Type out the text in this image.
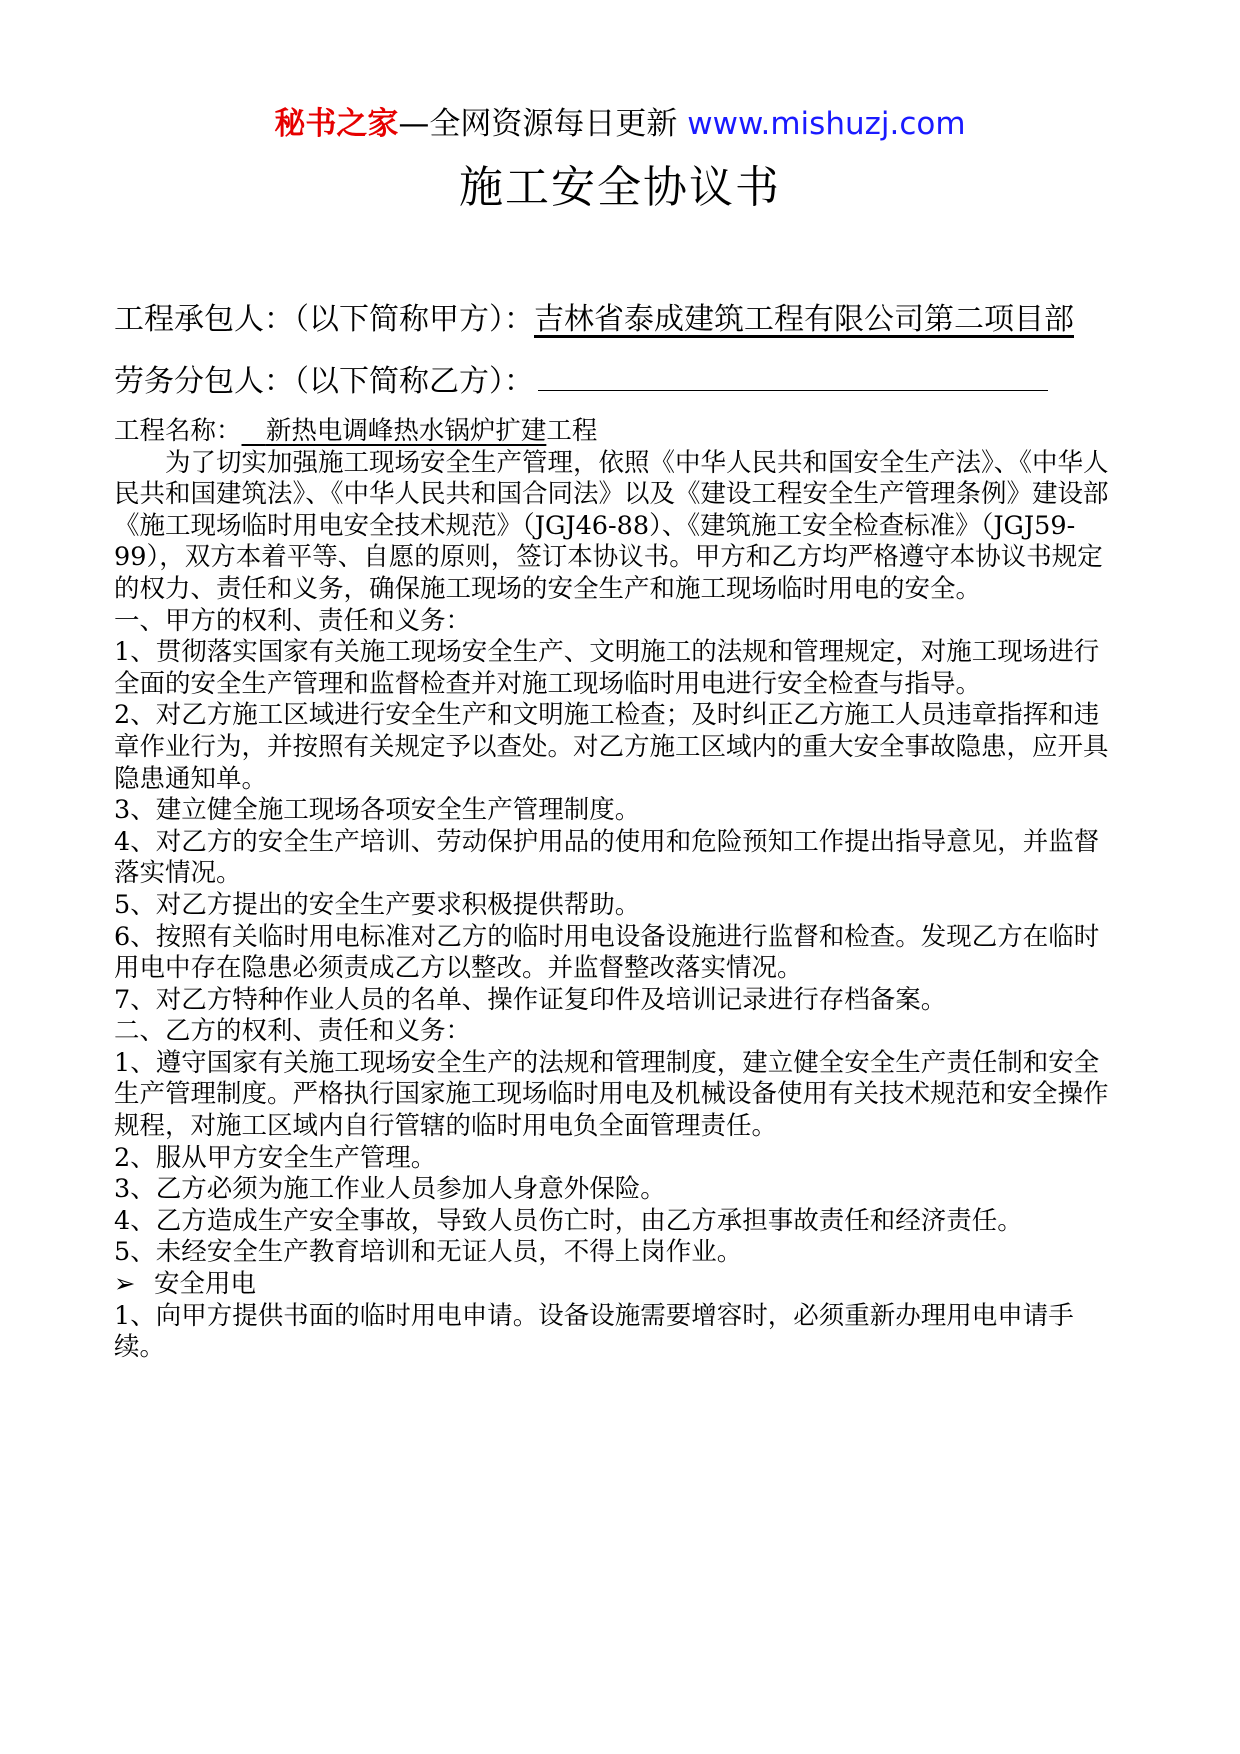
秘书之家—全网资源每日更新 www.mishuzj.com
施工安全协议书

工程承包人：（以下简称甲方）：吉林省泰成建筑工程有限公司第二项目部

劳务分包人：（以下简称乙方）：

工程名称： 新热电调峰热水锅炉扩建工程

为了切实加强施工现场安全生产管理，依照《中华人民共和国安全生产法》、《中华人民共和国建筑法》、《中华人民共和国合同法》以及《建设工程安全生产管理条例》建设部《施工现场临时用电安全技术规范》（JGJ46-88）、《建筑施工安全检查标准》（JGJ59-99），双方本着平等、自愿的原则，签订本协议书。甲方和乙方均严格遵守本协议书规定的权力、责任和义务，确保施工现场的安全生产和施工现场临时用电的安全。

一、甲方的权利、责任和义务：

1、贯彻落实国家有关施工现场安全生产、文明施工的法规和管理规定，对施工现场进行全面的安全生产管理和监督检查并对施工现场临时用电进行安全检查与指导。

2、对乙方施工区域进行安全生产和文明施工检查；及时纠正乙方施工人员违章指挥和违章作业行为，并按照有关规定予以查处。对乙方施工区域内的重大安全事故隐患，应开具隐患通知单。

3、建立健全施工现场各项安全生产管理制度。

4、对乙方的安全生产培训、劳动保护用品的使用和危险预知工作提出指导意见，并监督落实情况。

5、对乙方提出的安全生产要求积极提供帮助。

6、按照有关临时用电标准对乙方的临时用电设备设施进行监督和检查。发现乙方在临时用电中存在隐患必须责成乙方以整改。并监督整改落实情况。

7、对乙方特种作业人员的名单、操作证复印件及培训记录进行存档备案。

二、乙方的权利、责任和义务：

1、遵守国家有关施工现场安全生产的法规和管理制度，建立健全安全生产责任制和安全生产管理制度。严格执行国家施工现场临时用电及机械设备使用有关技术规范和安全操作规程，对施工区域内自行管辖的临时用电负全面管理责任。

2、服从甲方安全生产管理。

3、乙方必须为施工作业人员参加人身意外保险。

4、乙方造成生产安全事故，导致人员伤亡时，由乙方承担事故责任和经济责任。

5、未经安全生产教育培训和无证人员，不得上岗作业。

➢ 安全用电

1、向甲方提供书面的临时用电申请。设备设施需要增容时，必须重新办理用电申请手续。
